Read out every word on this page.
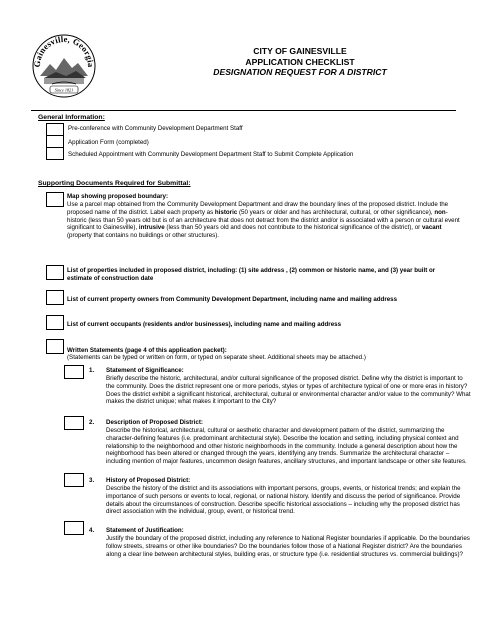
Gainesville, Georgia
Since 1821
CITY OF GAINESVILLE
APPLICATION CHECKLIST
DESIGNATION REQUEST FOR A DISTRICT
General Information:
Pre-conference with Community Development Department Staff
Application Form (completed)
Scheduled Appointment with Community Development Department Staff to Submit Complete Application
Supporting Documents Required for Submittal:
Map showing proposed boundary:
Use a parcel map obtained from the Community Development Department and draw the boundary lines of the proposed district. Include the proposed name of the district. Label each property as historic (50 years or older and has architectural, cultural, or other significance), non-historic (less than 50 years old but is of an architecture that does not detract from the district and/or is associated with a person or cultural event significant to Gainesville), intrusive (less than 50 years old and does not contribute to the historical significance of the district), or vacant (property that contains no buildings or other structures).
List of properties included in proposed district, including: (1) site address , (2) common or historic name, and (3) year built or estimate of construction date
List of current property owners from Community Development Department, including name and mailing address
List of current occupants (residents and/or businesses), including name and mailing address
Written Statements (page 4 of this application packet):
(Statements can be typed or written on form, or typed on separate sheet. Additional sheets may be attached.)
1. Statement of Significance:
Briefly describe the historic, architectural, and/or cultural significance of the proposed district. Define why the district is important to the community. Does the district represent one or more periods, styles or types of architecture typical of one or more eras in history? Does the district exhibit a significant historical, architectural, cultural or environmental character and/or value to the community? What makes the district unique; what makes it important to the City?
2. Description of Proposed District:
Describe the historical, architectural, cultural or aesthetic character and development pattern of the district, summarizing the character-defining features (i.e. predominant architectural style). Describe the location and setting, including physical context and relationship to the neighborhood and other historic neighborhoods in the community. Include a general description about how the neighborhood has been altered or changed through the years, identifying any trends. Summarize the architectural character – including mention of major features, uncommon design features, ancillary structures, and important landscape or other site features.
3. History of Proposed District:
Describe the history of the district and its associations with important persons, groups, events, or historical trends; and explain the importance of such persons or events to local, regional, or national history. Identify and discuss the period of significance. Provide details about the circumstances of construction. Describe specific historical associations – including why the proposed district has direct association with the individual, group, event, or historical trend.
4. Statement of Justification:
Justify the boundary of the proposed district, including any reference to National Register boundaries if applicable. Do the boundaries follow streets, streams or other like boundaries? Do the boundaries follow those of a National Register district? Are the boundaries along a clear line between architectural styles, building eras, or structure type (i.e. residential structures vs. commercial buildings)?
